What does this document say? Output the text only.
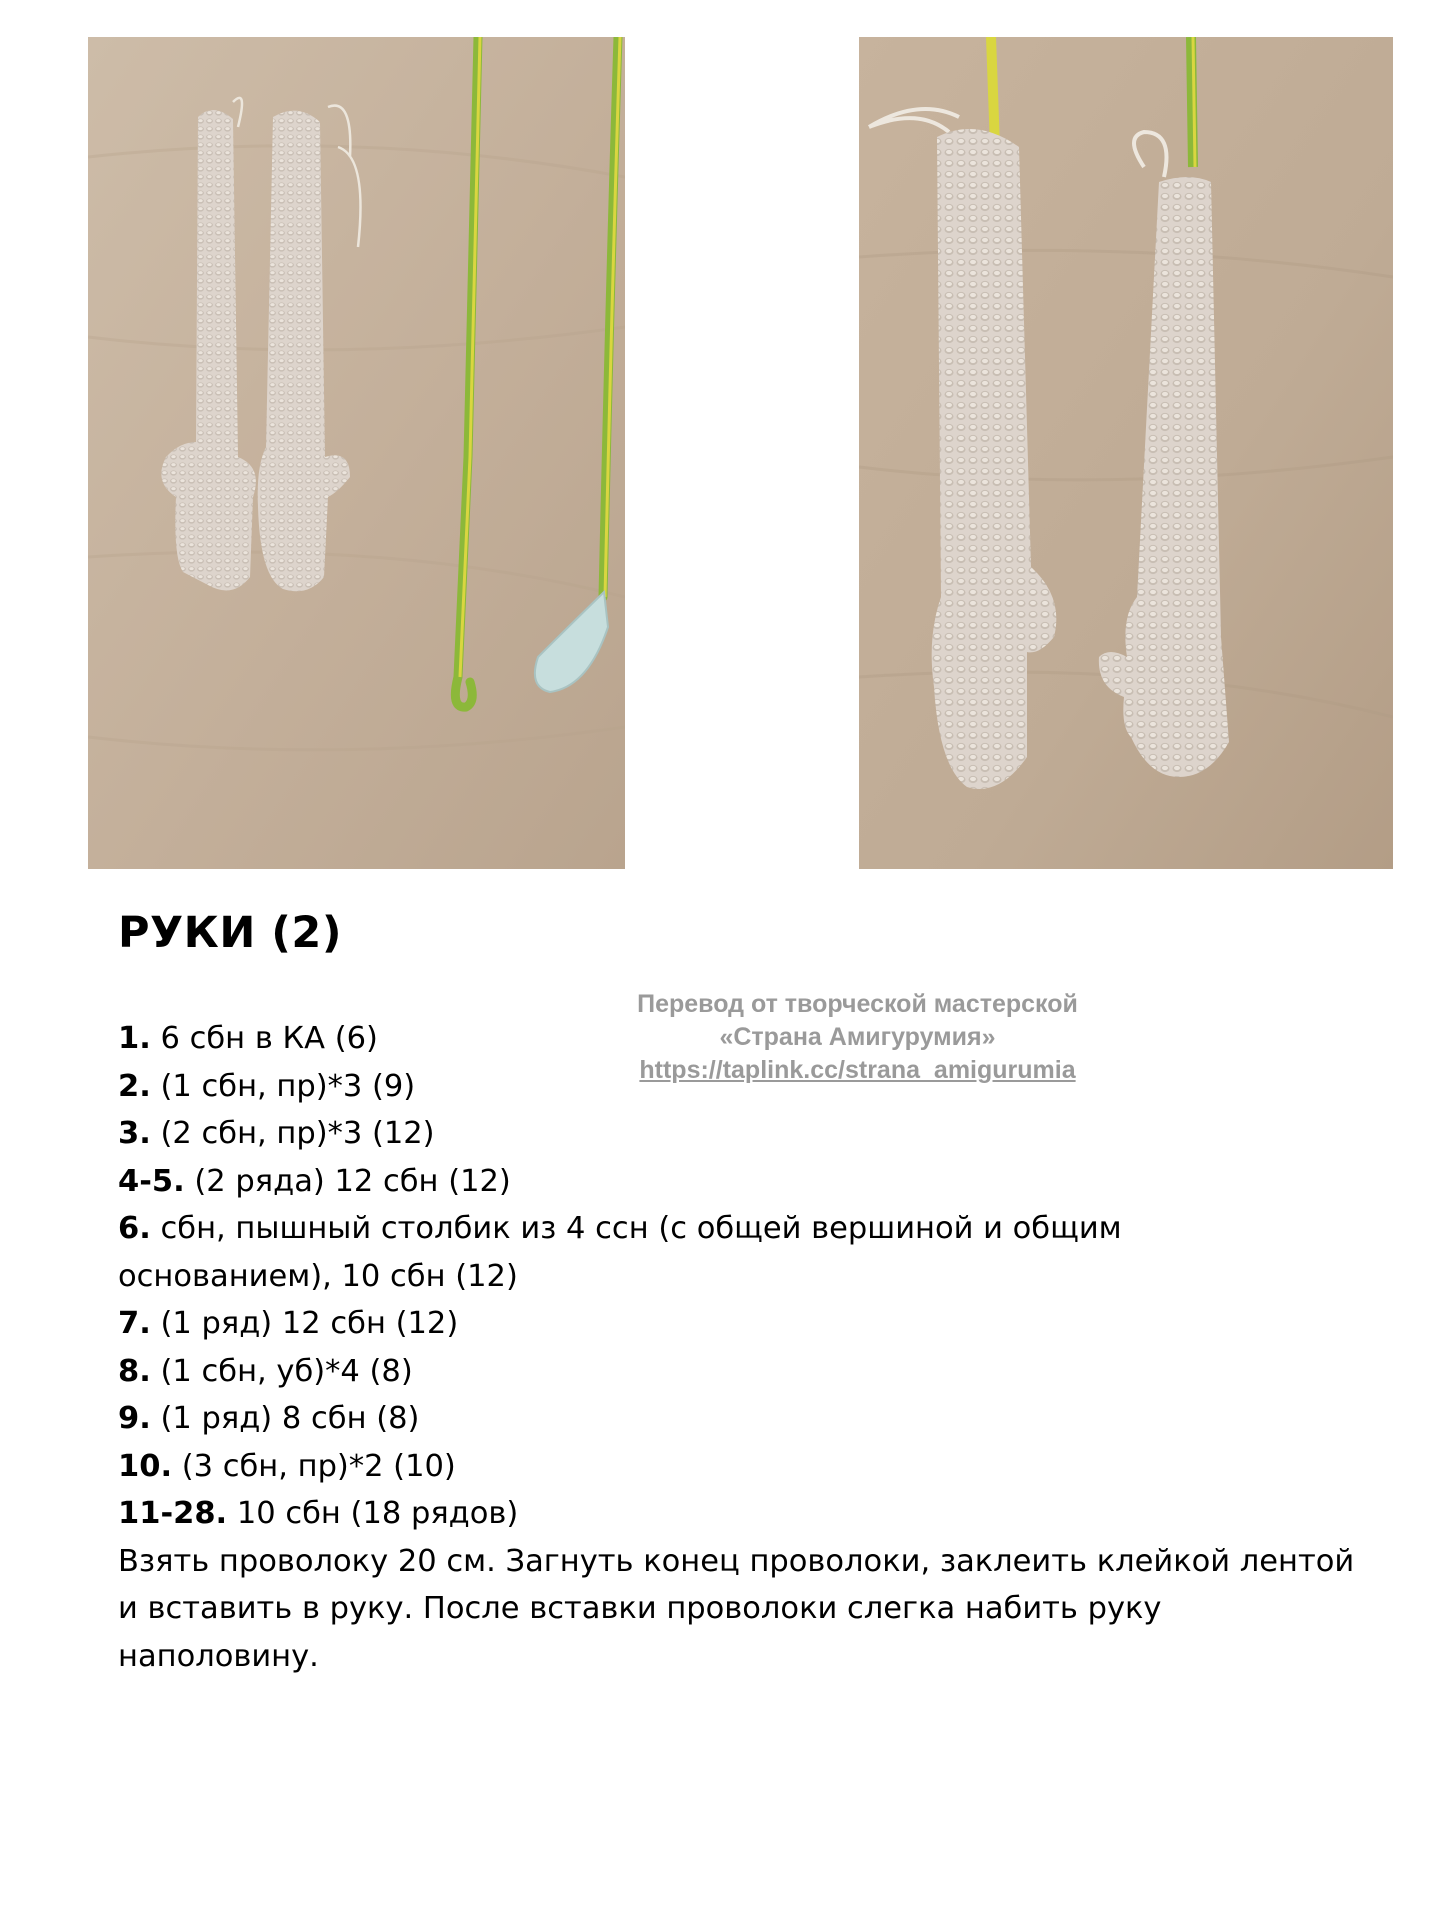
РУКИ (2)
Перевод от творческой мастерской
«Страна Амигурумия»
https://taplink.cc/strana_amigurumia
1. 6 сбн в КА (6)
2. (1 сбн, пр)*3 (9)
3. (2 сбн, пр)*3 (12)
4-5. (2 ряда) 12 сбн (12)
6. сбн, пышный столбик из 4 ссн (с общей вершиной и общим
основанием), 10 сбн (12)
7. (1 ряд) 12 сбн (12)
8. (1 сбн, уб)*4 (8)
9. (1 ряд) 8 сбн (8)
10. (3 сбн, пр)*2 (10)
11-28. 10 сбн (18 рядов)
Взять проволоку 20 см. Загнуть конец проволоки, заклеить клейкой лентой и вставить в руку. После вставки проволоки слегка набить руку наполовину.
